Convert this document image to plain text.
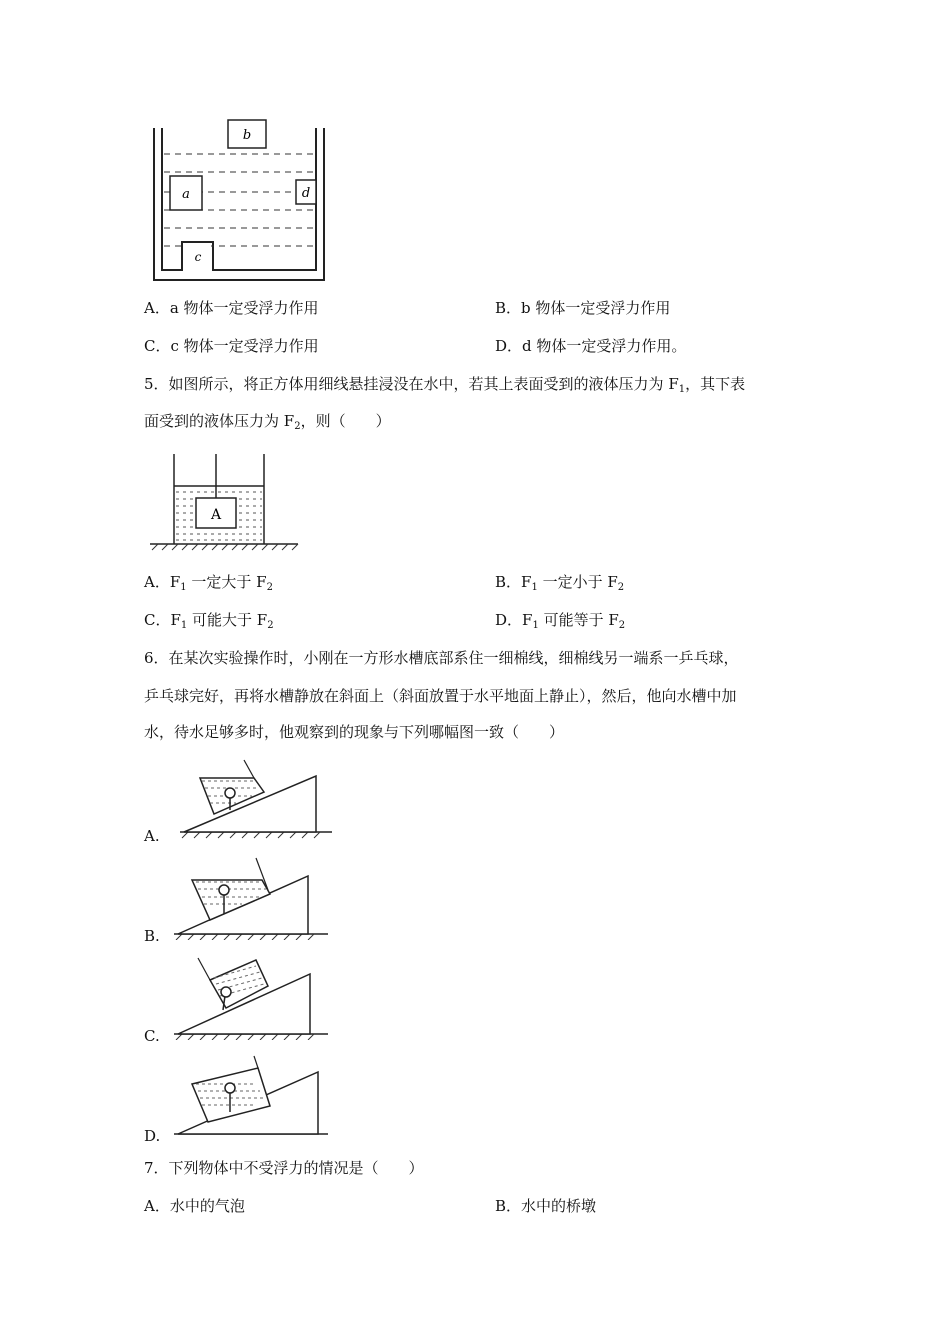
b
a	d
c
A．a 物体一定受浮力作用	B．b 物体一定受浮力作用
C．c 物体一定受浮力作用	D．d 物体一定受浮力作用。
5．如图所示，将正方体用细线悬挂浸没在水中，若其上表面受到的液体压力为 $F_1$，其下表
面受到的液体压力为 $F_2$，则（　　）
A
A．$F_1$ 一定大于 $F_2$	B．$F_1$ 一定小于 $F_2$
C．$F_1$ 可能大于 $F_2$	D．$F_1$ 可能等于 $F_2$
6．在某次实验操作时，小刚在一方形水槽底部系住一细棉线，细棉线另一端系一乒乓球，
乒乓球完好，再将水槽静放在斜面上（斜面放置于水平地面上静止），然后，他向水槽中加
水，待水足够多时，他观察到的现象与下列哪幅图一致（　　）
A.
B.
C.
D.
7．下列物体中不受浮力的情况是（　　）
A．水中的气泡	B．水中的桥墩
